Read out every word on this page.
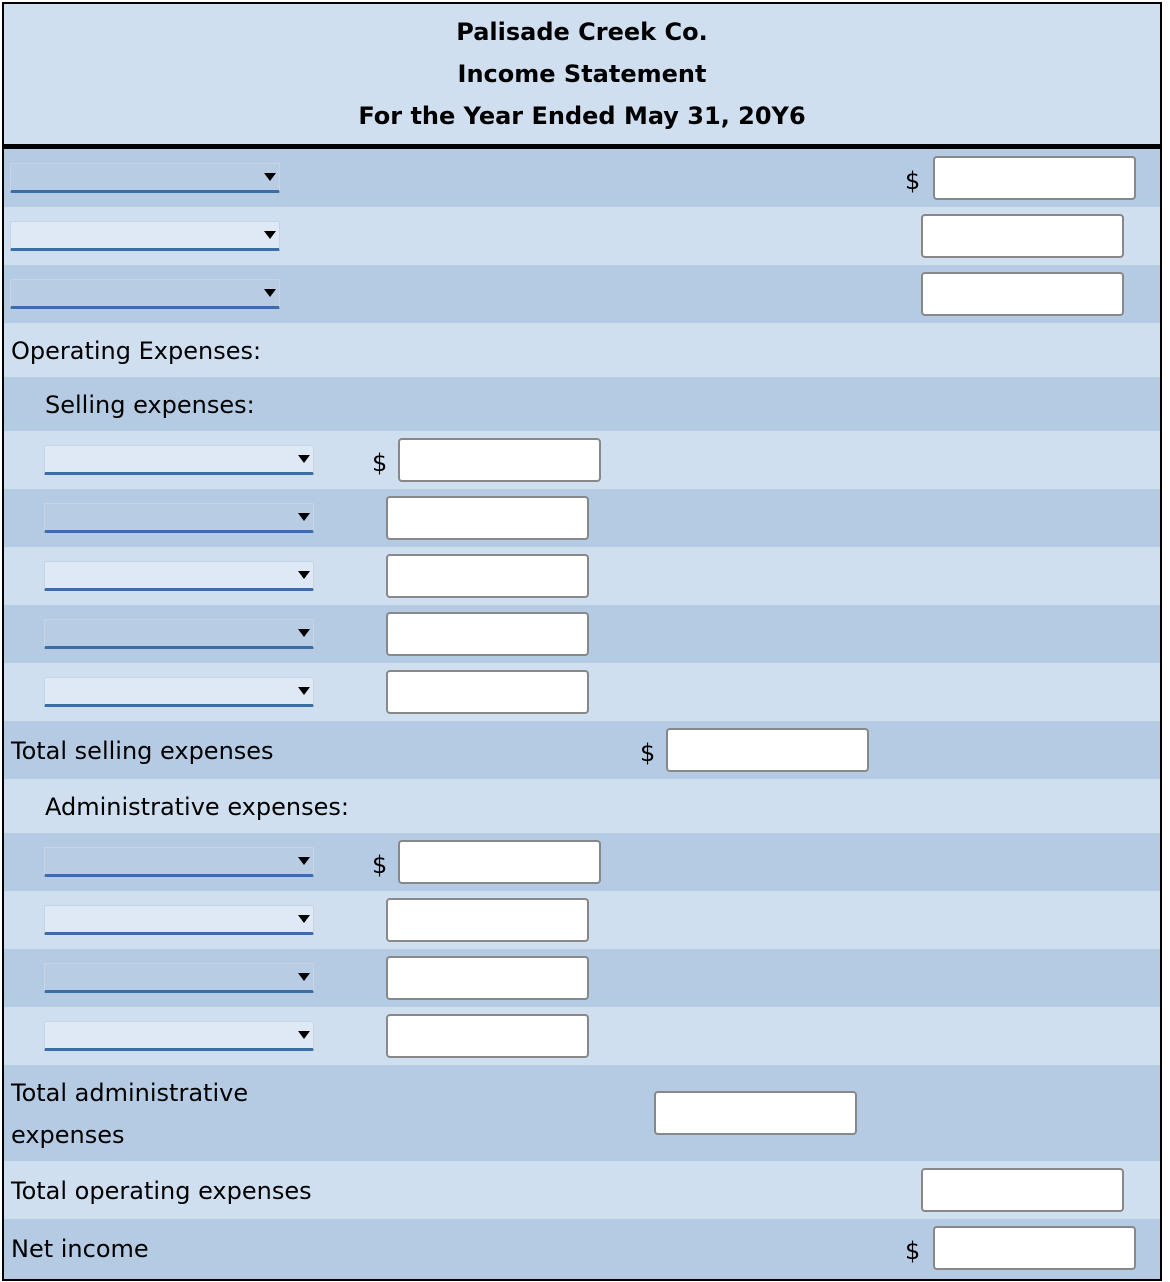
Palisade Creek Co.
Income Statement
For the Year Ended May 31, 20Y6
$
Operating Expenses:
Selling expenses:
$
Total selling expenses	$
Administrative expenses:
$
Total administrative
expenses
Total operating expenses
Net income	$
